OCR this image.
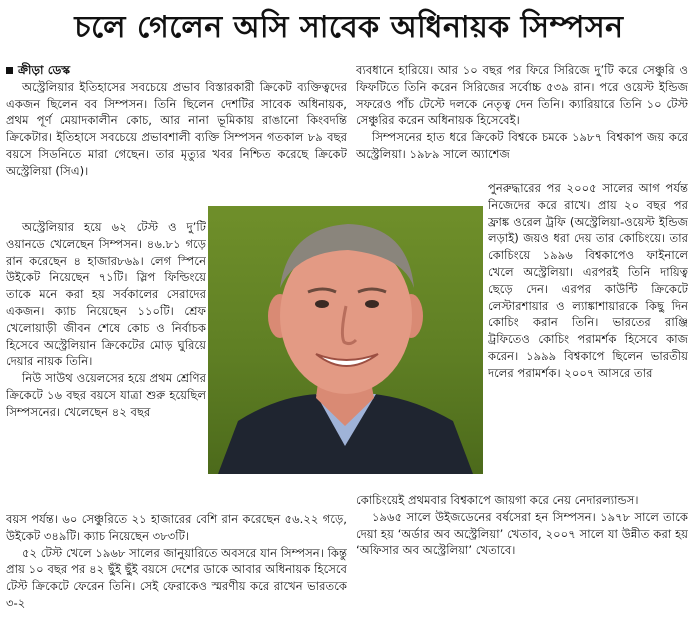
চলে গেলেন অসি সাবেক অধিনায়ক সিম্পসন
ক্রীড়া ডেস্ক

অস্ট্রেলিয়ার ইতিহাসের সবচেয়ে প্রভাব বিস্তারকারী ক্রিকেট ব্যক্তিত্বদের একজন ছিলেন বব সিম্পসন। তিনি ছিলেন দেশটির সাবেক অধিনায়ক, প্রথম পূর্ণ মেয়াদকালীন কোচ, আর নানা ভূমিকায় রাঙানো কিংবদন্তি ক্রিকেটার। ইতিহাসে সবচেয়ে প্রভাবশালী ব্যক্তি সিম্পসন গতকাল ৮৯ বছর বয়সে সিডনিতে মারা গেছেন। তার মৃত্যুর খবর নিশ্চিত করেছে ক্রিকেট অস্ট্রেলিয়া (সিএ)।

অস্ট্রেলিয়ার হয়ে ৬২ টেস্ট ও দু’টি ওয়ানডে খেলেছেন সিম্পসন। ৪৬.৮১ গড়ে রান করেছেন ৪ হাজার৮৬৯। লেগ স্পিনে উইকেট নিয়েছেন ৭১টি। স্লিপ ফিল্ডিংয়ে তাকে মনে করা হয় সর্বকালের সেরাদের একজন। ক্যাচ নিয়েছেন ১১০টি। শ্রেফ খেলোয়াড়ী জীবন শেষে কোচ ও নির্বাচক হিসেবে অস্ট্রেলিয়ান ক্রিকেটের মোড় ঘুরিয়ে দেয়ার নায়ক তিনি।

নিউ সাউথ ওয়েলসের হয়ে প্রথম শ্রেণির ক্রিকেটে ১৬ বছর বয়সে যাত্রা শুরু হয়েছিল সিম্পসনের। খেলেছেন ৪২ বছর

বয়স পর্যন্ত। ৬০ সেঞ্চুরিতে ২১ হাজারের বেশি রান করেছেন ৫৬.২২ গড়ে, উইকেট ৩৪৯টি। ক্যাচ নিয়েছেন ৩৮৩টি।

৫২ টেস্ট খেলে ১৯৬৮ সালের জানুয়ারিতে অবসরে যান সিম্পসন। কিন্তু প্রায় ১০ বছর পর ৪২ ছুঁই ছুঁই বয়সে দেশের ডাকে আবার অধিনায়ক হিসেবে টেস্ট ক্রিকেটে ফেরেন তিনি। সেই ফেরাকেও স্মরণীয় করে রাখেন ভারতকে ৩-২

ব্যবধানে হারিয়ে। আর ১০ বছর পর ফিরে সিরিজে দু’টি করে সেঞ্চুরি ও ফিফটিতে তিনি করেন সিরিজের সর্বোচ্চ ৫৩৯ রান। পরে ওয়েস্ট ইন্ডিজ সফরেও পাঁচ টেস্টে দলকে নেতৃত্ব দেন তিনি। ক্যারিয়ারে তিনি ১০ টেস্ট সেঞ্চুরির করেন অধিনায়ক হিসেবেই।

সিম্পসনের হাত ধরে ক্রিকেট বিশ্বকে চমকে ১৯৮৭ বিশ্বকাপ জয় করে অস্ট্রেলিয়া। ১৯৮৯ সালে অ্যাশেজ

পুনরুদ্ধারের পর ২০০৫ সালের আগ পর্যন্ত নিজেদের করে রাখে। প্রায় ২০ বছর পর ফ্রাঙ্ক ওরেল ট্রফি (অস্ট্রেলিয়া-ওয়েস্ট ইন্ডিজ লড়াই) জয়ও ধরা দেয় তার কোচিংয়ে। তার কোচিংয়ে ১৯৯৬ বিশ্বকাপেও ফাইনালে খেলে অস্ট্রেলিয়া। এরপরই তিনি দায়িত্ব ছেড়ে দেন। এরপর কাউন্টি ক্রিকেটে লেস্টারশায়ার ও ল্যাঙ্কাশায়ারকে কিছু দিন কোচিং করান তিনি। ভারতের রাঞ্জি ট্রফিতেও কোচিং পরামর্শক হিসেবে কাজ করেন। ১৯৯৯ বিশ্বকাপে ছিলেন ভারতীয় দলের পরামর্শক। ২০০৭ আসরে তার

কোচিংয়েই প্রথমবার বিশ্বকাপে জায়গা করে নেয় নেদারল্যান্ডস।

১৯৬৫ সালে উইজডেনের বর্ষসেরা হন সিম্পসন। ১৯৭৮ সালে তাকে দেয়া হয় ‘অর্ডার অব অস্ট্রেলিয়া’ খেতাব, ২০০৭ সালে যা উন্নীত করা হয় ‘অফিসার অব অস্ট্রেলিয়া’ খেতাবে।
